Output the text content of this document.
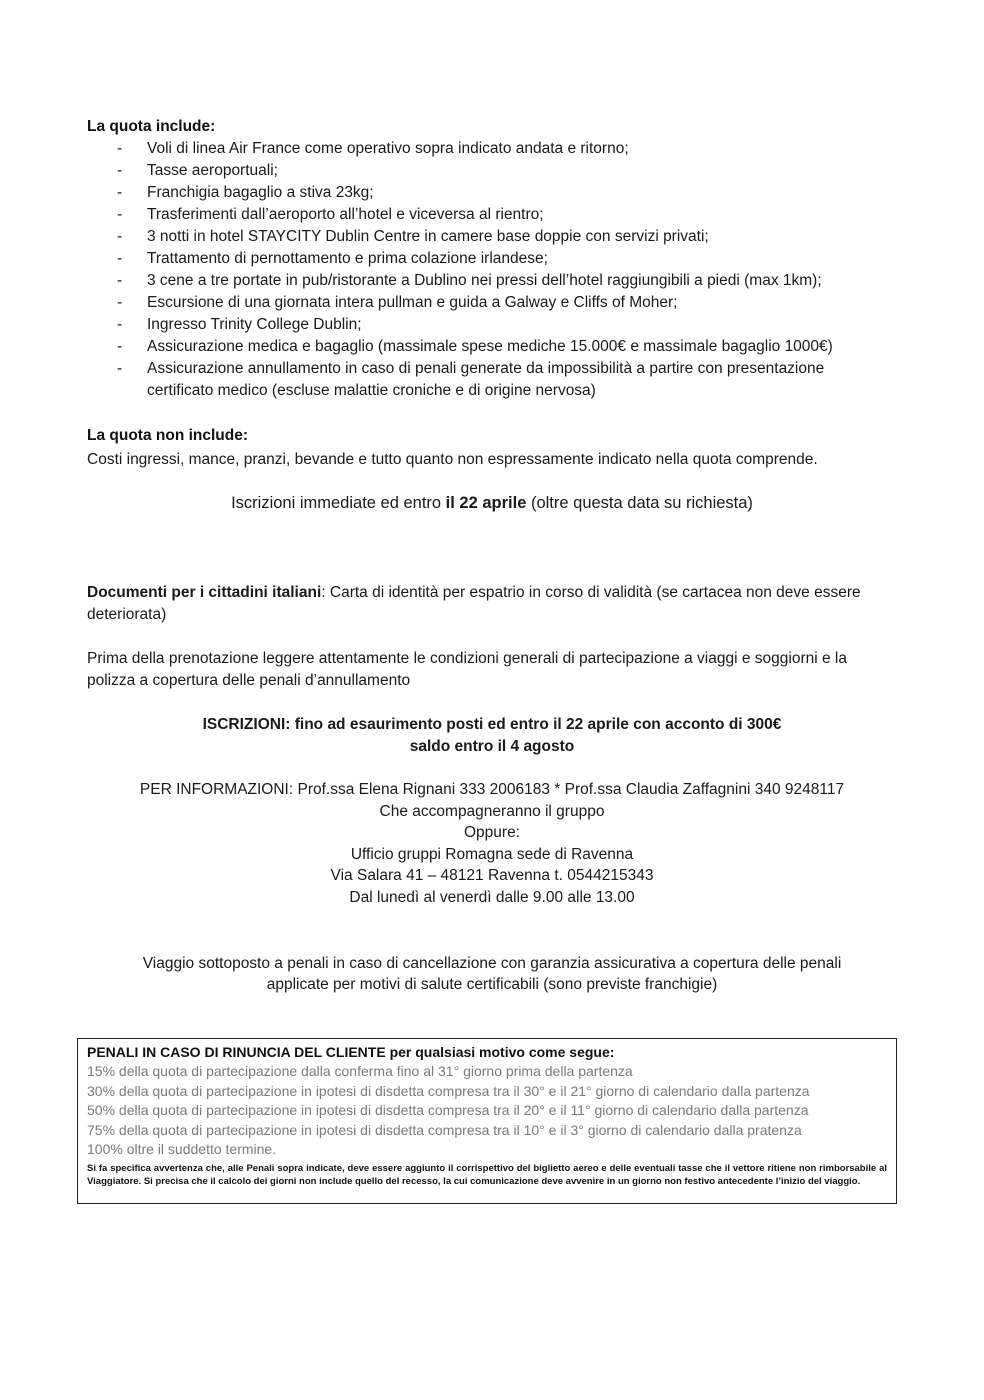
La quota include:
- Voli di linea Air France come operativo sopra indicato andata e ritorno;
- Tasse aeroportuali;
- Franchigia bagaglio a stiva 23kg;
- Trasferimenti dall’aeroporto all’hotel e viceversa al rientro;
- 3 notti in hotel STAYCITY Dublin Centre in camere base doppie con servizi privati;
- Trattamento di pernottamento e prima colazione irlandese;
- 3 cene a tre portate in pub/ristorante a Dublino nei pressi dell’hotel raggiungibili a piedi (max 1km);
- Escursione di una giornata intera pullman e guida a Galway e Cliffs of Moher;
- Ingresso Trinity College Dublin;
- Assicurazione medica e bagaglio (massimale spese mediche 15.000€ e massimale bagaglio 1000€)
- Assicurazione annullamento in caso di penali generate da impossibilità a partire con presentazione certificato medico (escluse malattie croniche e di origine nervosa)
La quota non include:
Costi ingressi, mance, pranzi, bevande e tutto quanto non espressamente indicato nella quota comprende.
Iscrizioni immediate ed entro il 22 aprile (oltre questa data su richiesta)
Documenti per i cittadini italiani: Carta di identità per espatrio in corso di validità (se cartacea non deve essere deteriorata)
Prima della prenotazione leggere attentamente le condizioni generali di partecipazione a viaggi e soggiorni e la polizza a copertura delle penali d’annullamento
ISCRIZIONI: fino ad esaurimento posti ed entro il 22 aprile con acconto di 300€
saldo entro il 4 agosto
PER INFORMAZIONI: Prof.ssa Elena Rignani 333 2006183 * Prof.ssa Claudia Zaffagnini 340 9248117
Che accompagneranno il gruppo
Oppure:
Ufficio gruppi Romagna sede di Ravenna
Via Salara 41 – 48121 Ravenna t. 0544215343
Dal lunedì al venerdì dalle 9.00 alle 13.00
Viaggio sottoposto a penali in caso di cancellazione con garanzia assicurativa a copertura delle penali
applicate per motivi di salute certificabili (sono previste franchigie)
PENALI IN CASO DI RINUNCIA DEL CLIENTE per qualsiasi motivo come segue:
15% della quota di partecipazione dalla conferma fino al 31° giorno prima della partenza
30% della quota di partecipazione in ipotesi di disdetta compresa tra il 30° e il 21° giorno di calendario dalla partenza
50% della quota di partecipazione in ipotesi di disdetta compresa tra il 20° e il 11° giorno di calendario dalla partenza
75% della quota di partecipazione in ipotesi di disdetta compresa tra il 10° e il 3° giorno di calendario dalla pratenza
100% oltre il suddetto termine.
Si fa specifica avvertenza che, alle Penali sopra indicate, deve essere aggiunto il corrispettivo del biglietto aereo e delle eventuali tasse che il vettore ritiene non rimborsabile al Viaggiatore. Si precisa che il calcolo dei giorni non include quello del recesso, la cui comunicazione deve avvenire in un giorno non festivo antecedente l’inizio del viaggio.
